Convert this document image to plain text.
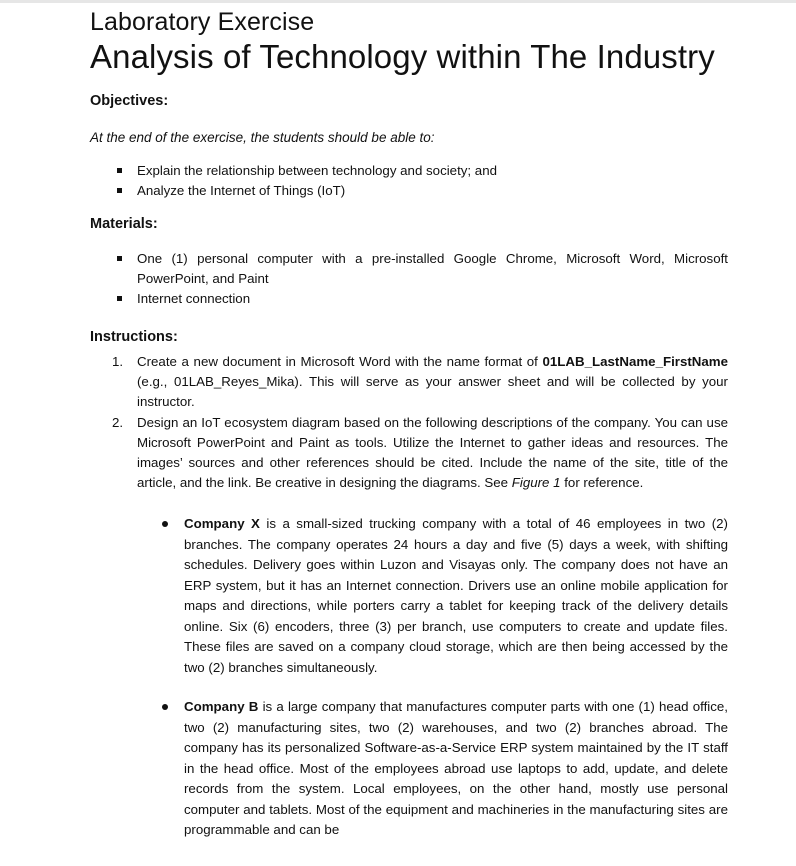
Laboratory Exercise
Analysis of Technology within The Industry
Objectives:
At the end of the exercise, the students should be able to:
Explain the relationship between technology and society; and
Analyze the Internet of Things (IoT)
Materials:
One (1) personal computer with a pre-installed Google Chrome, Microsoft Word, Microsoft PowerPoint, and Paint
Internet connection
Instructions:
1. Create a new document in Microsoft Word with the name format of 01LAB_LastName_FirstName (e.g., 01LAB_Reyes_Mika). This will serve as your answer sheet and will be collected by your instructor.
2. Design an IoT ecosystem diagram based on the following descriptions of the company. You can use Microsoft PowerPoint and Paint as tools. Utilize the Internet to gather ideas and resources. The images’ sources and other references should be cited. Include the name of the site, title of the article, and the link. Be creative in designing the diagrams. See Figure 1 for reference.
Company X is a small-sized trucking company with a total of 46 employees in two (2) branches. The company operates 24 hours a day and five (5) days a week, with shifting schedules. Delivery goes within Luzon and Visayas only. The company does not have an ERP system, but it has an Internet connection. Drivers use an online mobile application for maps and directions, while porters carry a tablet for keeping track of the delivery details online. Six (6) encoders, three (3) per branch, use computers to create and update files. These files are saved on a company cloud storage, which are then being accessed by the two (2) branches simultaneously.
Company B is a large company that manufactures computer parts with one (1) head office, two (2) manufacturing sites, two (2) warehouses, and two (2) branches abroad. The company has its personalized Software-as-a-Service ERP system maintained by the IT staff in the head office. Most of the employees abroad use laptops to add, update, and delete records from the system. Local employees, on the other hand, mostly use personal computer and tablets. Most of the equipment and machineries in the manufacturing sites are programmable and can be
